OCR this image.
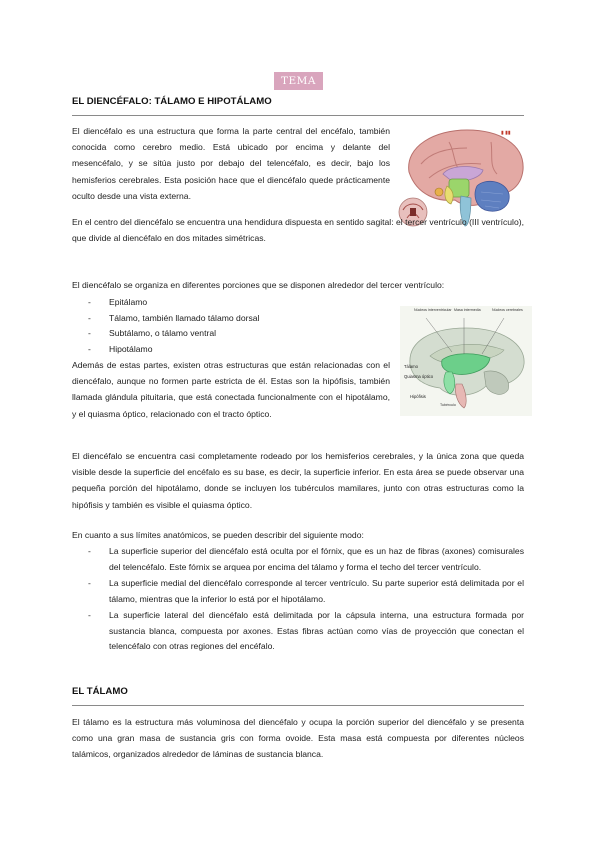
TEMA 20
EL DIENCÉFALO: TÁLAMO E HIPOTÁLAMO

El diencéfalo es una estructura que forma la parte central del encéfalo, también conocida como cerebro medio. Está ubicado por encima y delante del mesencéfalo, y se sitúa justo por debajo del telencéfalo, es decir, bajo los hemisferios cerebrales. Esta posición hace que el diencéfalo quede prácticamente oculto desde una vista externa.

▮ ▮▮

En el centro del diencéfalo se encuentra una hendidura dispuesta en sentido sagital: el tercer ventrículo (III ventrículo), que divide al diencéfalo en dos mitades simétricas.

El diencéfalo se organiza en diferentes porciones que se disponen alrededor del tercer ventrículo:

- Epitálamo
- Tálamo, también llamado tálamo dorsal
- Subtálamo, o tálamo ventral
- Hipotálamo
Núcleos interventricular Masa intermedia	Núcleos cerebrales
Tálamo
Quiasma óptico
Hipófisis
Tubérculo

Además de estas partes, existen otras estructuras que están relacionadas con el diencéfalo, aunque no formen parte estricta de él. Estas son la hipófisis, también llamada glándula pituitaria, que está conectada funcionalmente con el hipotálamo, y el quiasma óptico, relacionado con el tracto óptico.

El diencéfalo se encuentra casi completamente rodeado por los hemisferios cerebrales, y la única zona que queda visible desde la superficie del encéfalo es su base, es decir, la superficie inferior. En esta área se puede observar una pequeña porción del hipotálamo, donde se incluyen los tubérculos mamilares, junto con otras estructuras como la hipófisis y también es visible el quiasma óptico.

En cuanto a sus límites anatómicos, se pueden describir del siguiente modo:

- La superficie superior del diencéfalo está oculta por el fórnix, que es un haz de fibras (axones) comisurales del telencéfalo. Este fórnix se arquea por encima del tálamo y forma el techo del tercer ventrículo.
- La superficie medial del diencéfalo corresponde al tercer ventrículo. Su parte superior está delimitada por el tálamo, mientras que la inferior lo está por el hipotálamo.
- La superficie lateral del diencéfalo está delimitada por la cápsula interna, una estructura formada por sustancia blanca, compuesta por axones. Estas fibras actúan como vías de proyección que conectan el telencéfalo con otras regiones del encéfalo.
EL TÁLAMO

El tálamo es la estructura más voluminosa del diencéfalo y ocupa la porción superior del diencéfalo y se presenta como una gran masa de sustancia gris con forma ovoide. Esta masa está compuesta por diferentes núcleos talámicos, organizados alrededor de láminas de sustancia blanca.
